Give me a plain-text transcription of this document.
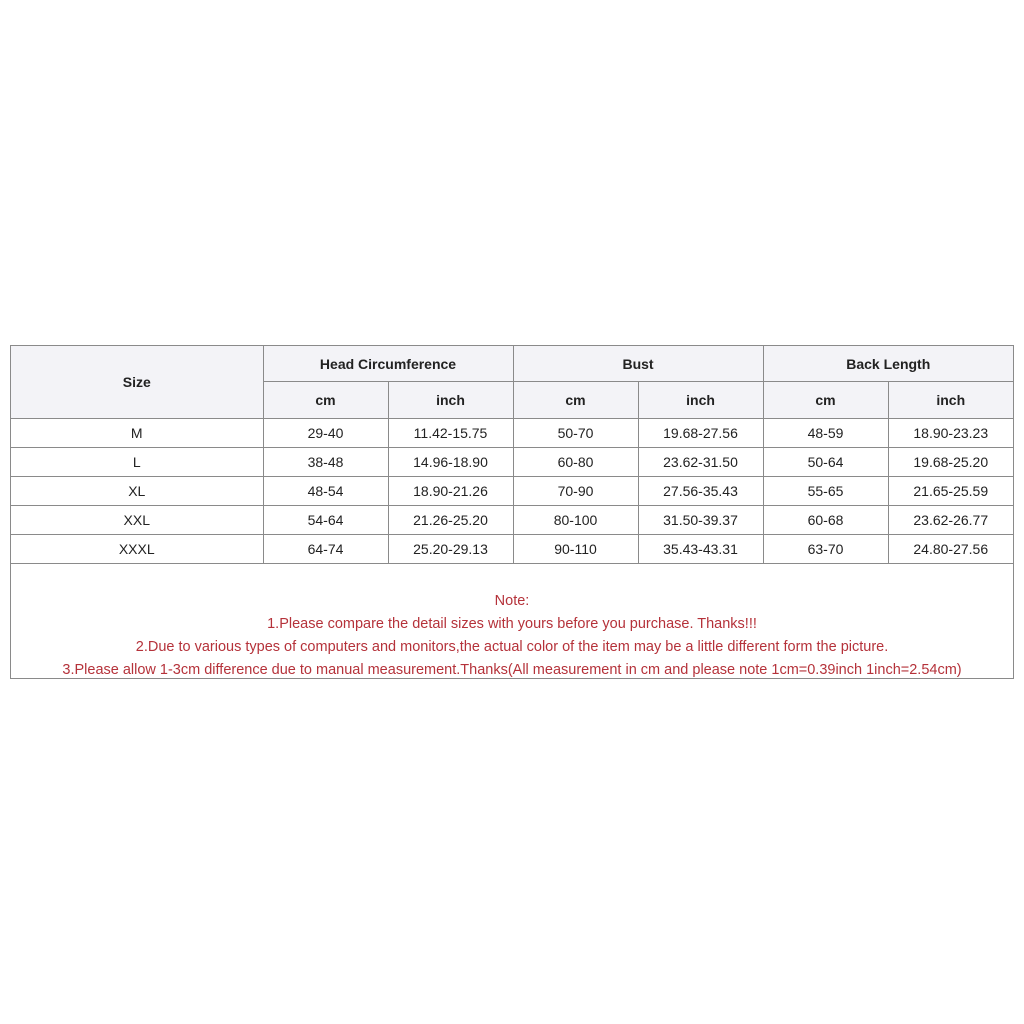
Size	Head Circumference		Bust		Back Length	
	cm	inch	cm	inch	cm	inch
M	29-40	11.42-15.75	50-70	19.68-27.56	48-59	18.90-23.23
L	38-48	14.96-18.90	60-80	23.62-31.50	50-64	19.68-25.20
XL	48-54	18.90-21.26	70-90	27.56-35.43	55-65	21.65-25.59
XXL	54-64	21.26-25.20	80-100	31.50-39.37	60-68	23.62-26.77
XXXL	64-74	25.20-29.13	90-110	35.43-43.31	63-70	24.80-27.56
Note:
1.Please compare the detail sizes with yours before you purchase. Thanks!!!
2.Due to various types of computers and monitors,the actual color of the item may be a little different form the picture.
3.Please allow 1-3cm difference due to manual measurement.Thanks(All measurement in cm and please note 1cm=0.39inch 1inch=2.54cm)
